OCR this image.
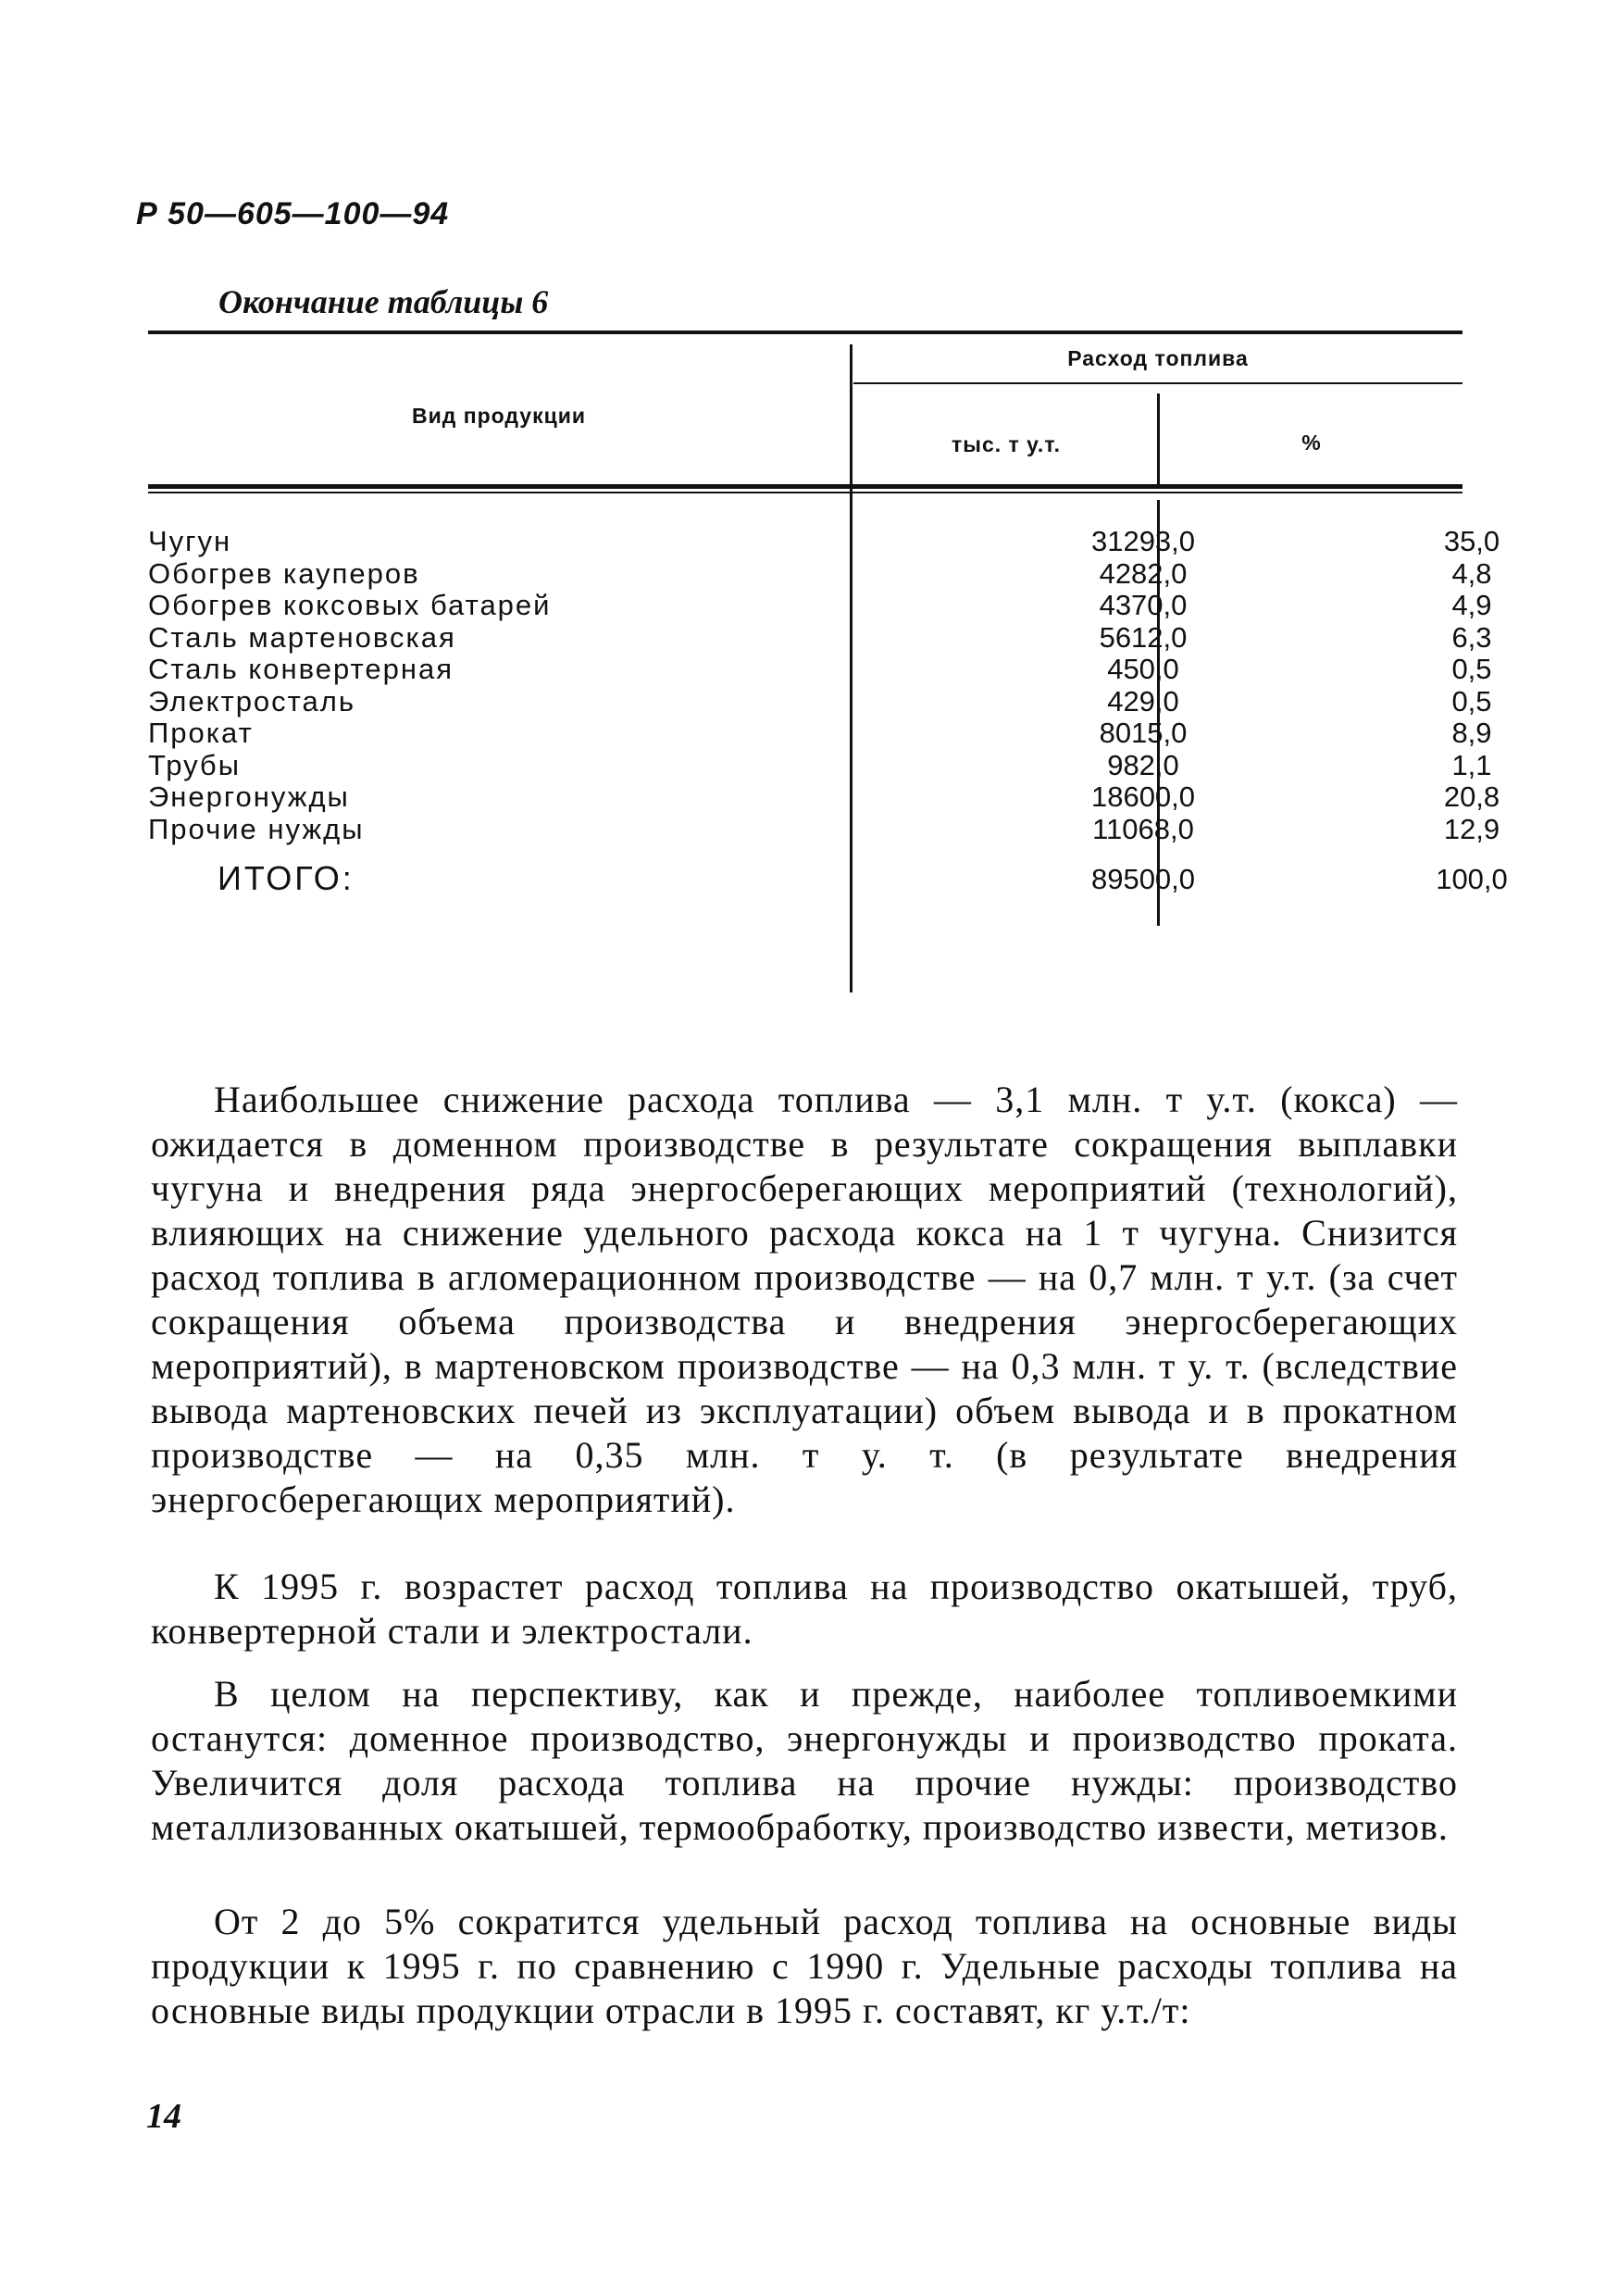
Р 50—605—100—94
Окончание таблицы 6
Вид продукции
Расход топлива
тыс. т у.т.	%
Чугун	31293,0	35,0
Обогрев кауперов	4282,0	4,8
Обогрев коксовых батарей	4370,0	4,9
Сталь мартеновская	5612,0	6,3
Сталь конвертерная	450,0	0,5
Электросталь	429,0	0,5
Прокат	8015,0	8,9
Трубы	982,0	1,1
Энергонужды	18600,0	20,8
Прочие нужды	11068,0	12,9
ИТОГО:	89500,0	100,0
Наибольшее снижение расхода топлива — 3,1 млн. т у.т. (кокса) — ожидается в доменном производстве в результате сокращения выплавки чугуна и внедрения ряда энергосберегающих мероприятий (технологий), влияющих на снижение удельного расхода кокса на 1 т чугуна. Снизится расход топлива в агломерационном производстве — на 0,7 млн. т у.т. (за счет сокращения объема производства и внедрения энергосберегающих мероприятий), в мартеновском производстве — на 0,3 млн. т у. т. (вследствие вывода мартеновских печей из эксплуатации) объем вывода и в прокатном производстве — на 0,35 млн. т у. т. (в результате внедрения энергосберегающих мероприятий).
К 1995 г. возрастет расход топлива на производство окатышей, труб, конвертерной стали и электростали.
В целом на перспективу, как и прежде, наиболее топливоемкими останутся: доменное производство, энергонужды и производство проката. Увеличится доля расхода топлива на прочие нужды: производство металлизованных окатышей, термообработку, производство извести, метизов.
От 2 до 5% сократится удельный расход топлива на основные виды продукции к 1995 г. по сравнению с 1990 г. Удельные расходы топлива на основные виды продукции отрасли в 1995 г. составят, кг у.т./т:
14
